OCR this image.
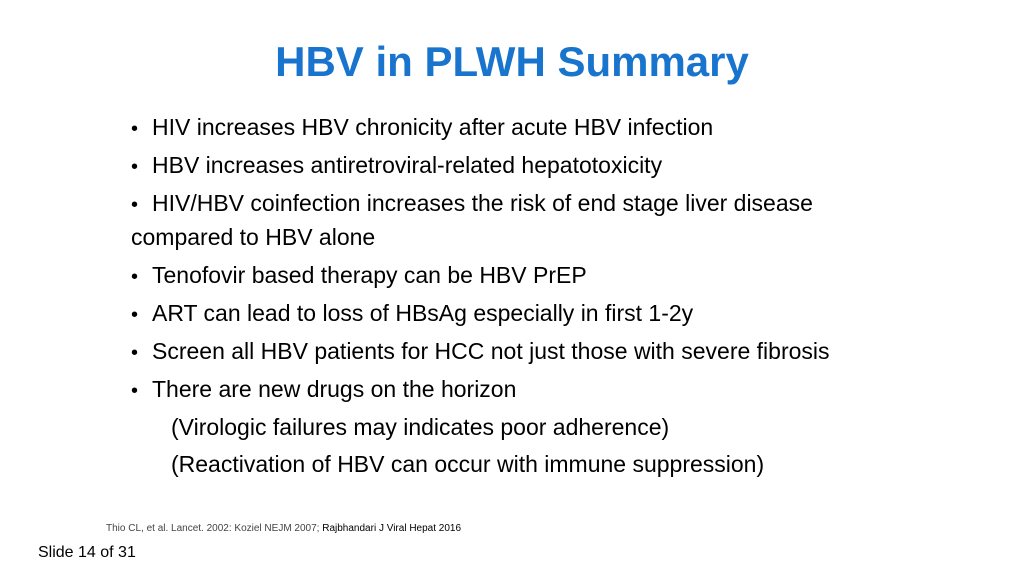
HBV in PLWH Summary
• HIV increases HBV chronicity after acute HBV infection
• HBV increases antiretroviral-related hepatotoxicity
• HIV/HBV coinfection increases the risk of end stage liver disease
compared to HBV alone
• Tenofovir based therapy can be HBV PrEP
• ART can lead to loss of HBsAg especially in first 1-2y
• Screen all HBV patients for HCC not just those with severe fibrosis
• There are new drugs on the horizon
(Virologic failures may indicates poor adherence)
(Reactivation of HBV can occur with immune suppression)
Thio CL, et al. Lancet. 2002: Koziel NEJM 2007; Rajbhandari J Viral Hepat 2016
Slide 14 of 31
